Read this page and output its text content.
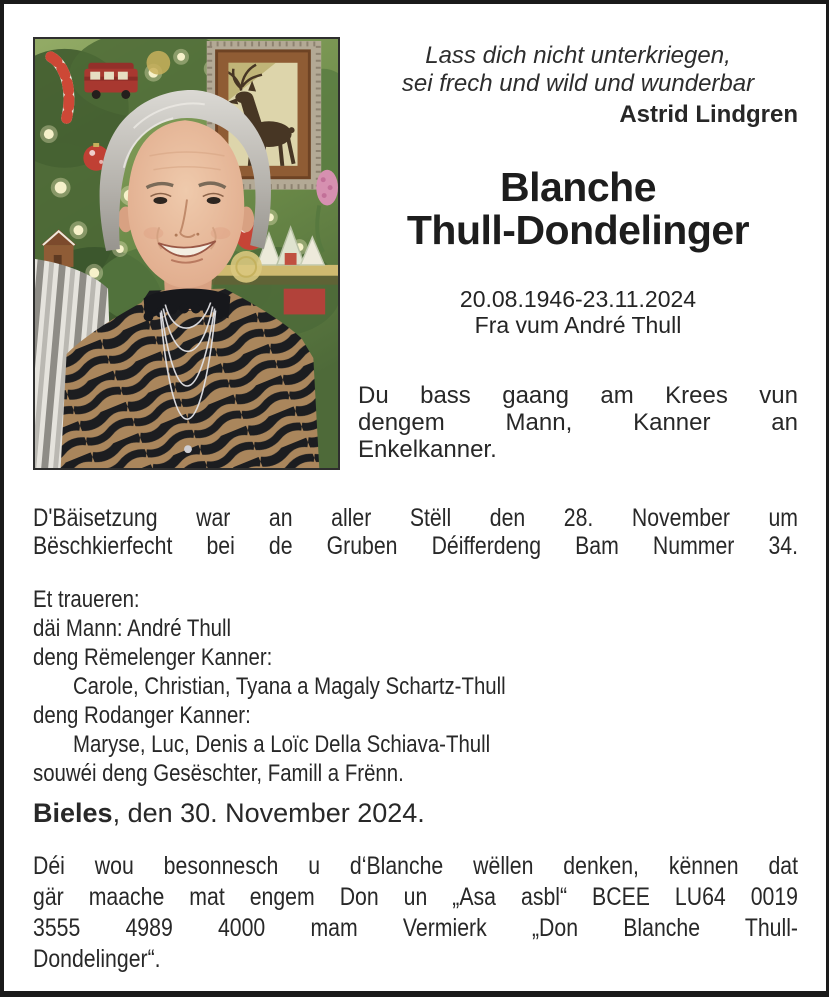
Lass dich nicht unterkriegen,
sei frech und wild und wunderbar
Astrid Lindgren
Blanche
Thull-Dondelinger
20.08.1946-23.11.2024
Fra vum André Thull
Du bass gaang am Krees vun
dengem Mann, Kanner an
Enkelkanner.
D'Bäisetzung war an aller Stëll den 28. November um
Bëschkierfecht bei de Gruben Déifferdeng Bam Nummer 34.
Et traueren:
däi Mann: André Thull
deng Rëmelenger Kanner:
Carole, Christian, Tyana a Magaly Schartz-Thull
deng Rodanger Kanner:
Maryse, Luc, Denis a Loïc Della Schiava-Thull
souwéi deng Gesëschter, Famill a Frënn.
Bieles, den 30. November 2024.
Déi wou besonnesch u d‘Blanche wëllen denken, kënnen dat
gär maache mat engem Don un „Asa asbl“ BCEE LU64 0019
3555 4989 4000 mam Vermierk „Don Blanche Thull-
Dondelinger“.
